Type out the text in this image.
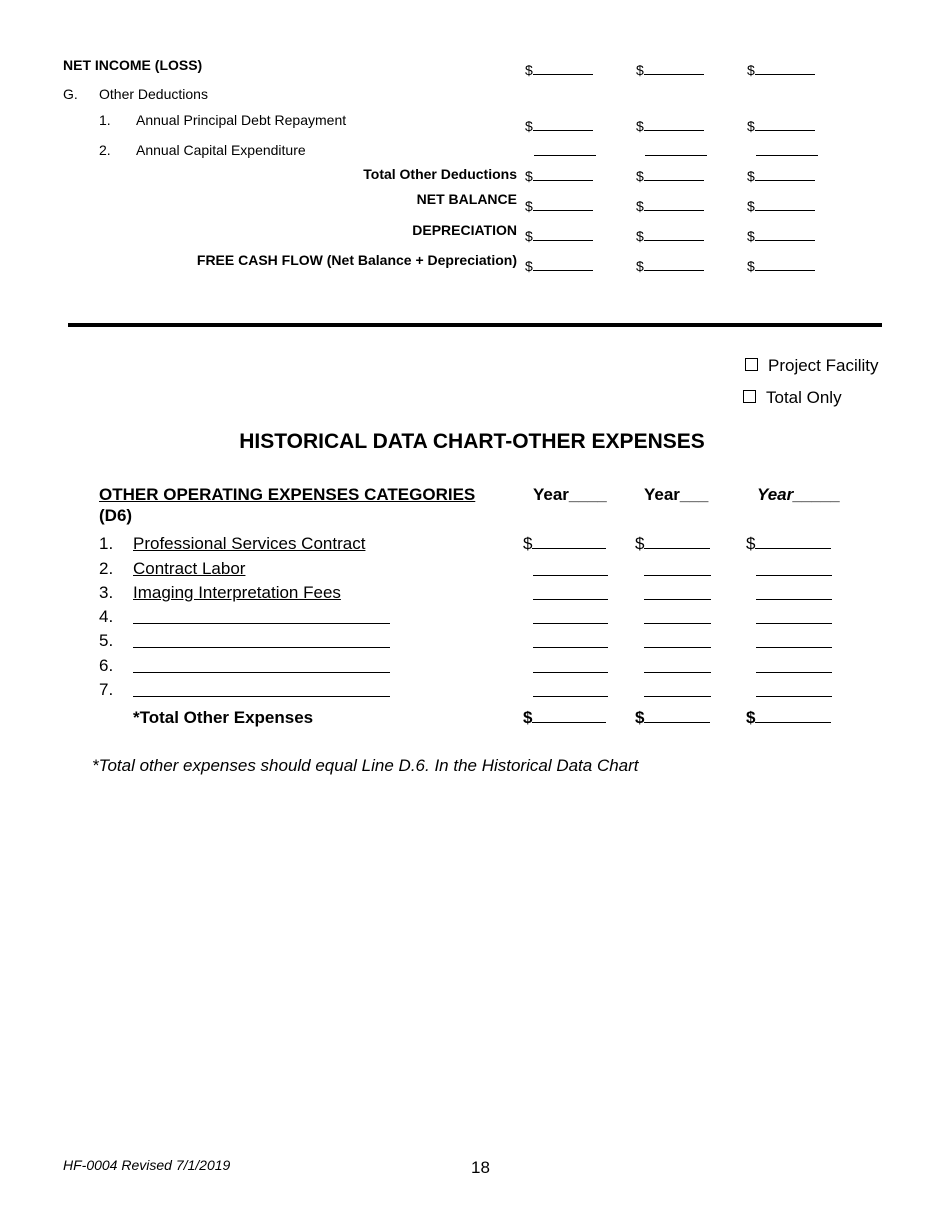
NET INCOME (LOSS)	$	$	$
G. Other Deductions
1. Annual Principal Debt Repayment	$	$	$
2. Annual Capital Expenditure
Total Other Deductions $	$	$
NET BALANCE $	$	$
DEPRECIATION $	$	$
FREE CASH FLOW (Net Balance + Depreciation) $	$	$
Project Facility
Total Only
HISTORICAL DATA CHART-OTHER EXPENSES
OTHER OPERATING EXPENSES CATEGORIES
(D6)
Year____ Year___	Year_____
1. Professional Services Contract	$	$	$
2. Contract Labor
3. Imaging Interpretation Fees
4.
5.
6.
7.
*Total Other Expenses	$	$	$
*Total other expenses should equal Line D.6. In the Historical Data Chart
HF-0004 Revised 7/1/2019	18
